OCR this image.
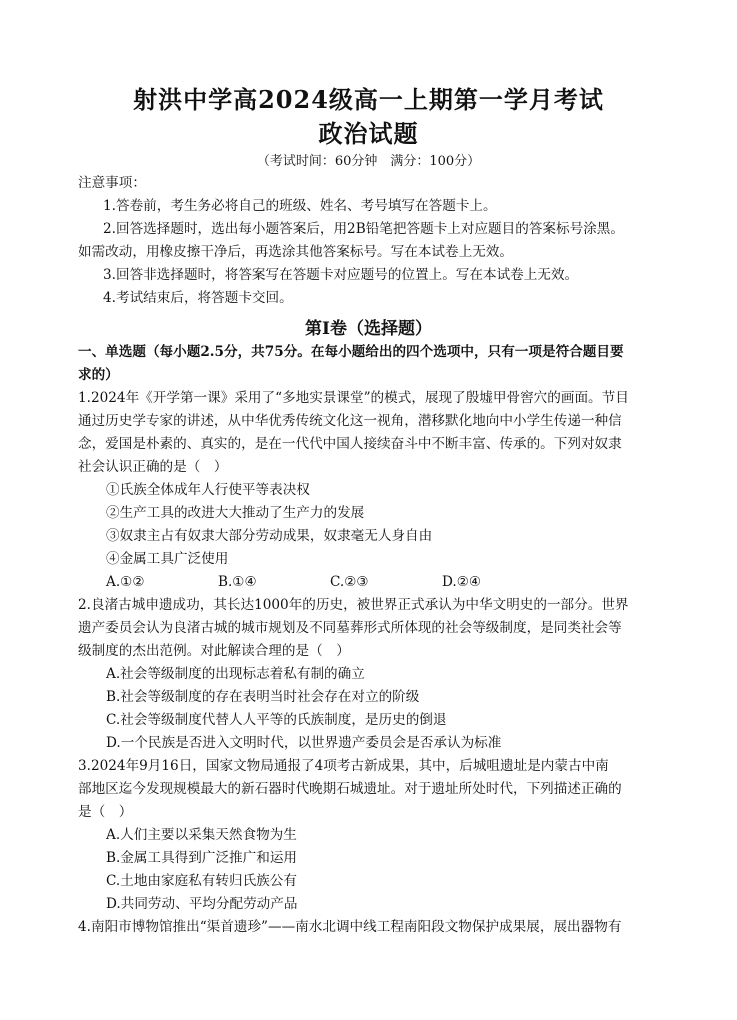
射洪中学高2024级高一上期第一学月考试
政治试题
（考试时间：60分钟　满分：100分）
注意事项：
1.答卷前，考生务必将自己的班级、姓名、考号填写在答题卡上。
2.回答选择题时，选出每小题答案后，用2B铅笔把答题卡上对应题目的答案标号涂黑。
如需改动，用橡皮擦干净后，再选涂其他答案标号。写在本试卷上无效。
3.回答非选择题时，将答案写在答题卡对应题号的位置上。写在本试卷上无效。
4.考试结束后，将答题卡交回。
第I卷（选择题）
一、单选题（每小题2.5分，共75分。在每小题给出的四个选项中，只有一项是符合题目要
求的）
1.2024年《开学第一课》采用了“多地实景课堂”的模式，展现了殷墟甲骨窖穴的画面。节目
通过历史学专家的讲述，从中华优秀传统文化这一视角，潜移默化地向中小学生传递一种信
念，爱国是朴素的、真实的，是在一代代中国人接续奋斗中不断丰富、传承的。下列对奴隶
社会认识正确的是（　）
①氏族全体成年人行使平等表决权
②生产工具的改进大大推动了生产力的发展
③奴隶主占有奴隶大部分劳动成果，奴隶毫无人身自由
④金属工具广泛使用
A.①②	B.①④	C.②③	D.②④
2.良渚古城申遗成功，其长达1000年的历史，被世界正式承认为中华文明史的一部分。世界
遗产委员会认为良渚古城的城市规划及不同墓葬形式所体现的社会等级制度，是同类社会等
级制度的杰出范例。对此解读合理的是（　）
A.社会等级制度的出现标志着私有制的确立
B.社会等级制度的存在表明当时社会存在对立的阶级
C.社会等级制度代替人人平等的氏族制度，是历史的倒退
D.一个民族是否进入文明时代，以世界遗产委员会是否承认为标准
3.2024年9月16日，国家文物局通报了4项考古新成果，其中，后城咀遗址是内蒙古中南
部地区迄今发现规模最大的新石器时代晚期石城遗址。对于遗址所处时代，下列描述正确的
是（　）
A.人们主要以采集天然食物为生
B.金属工具得到广泛推广和运用
C.土地由家庭私有转归氏族公有
D.共同劳动、平均分配劳动产品
4.南阳市博物馆推出“渠首遗珍”——南水北调中线工程南阳段文物保护成果展，展出器物有
